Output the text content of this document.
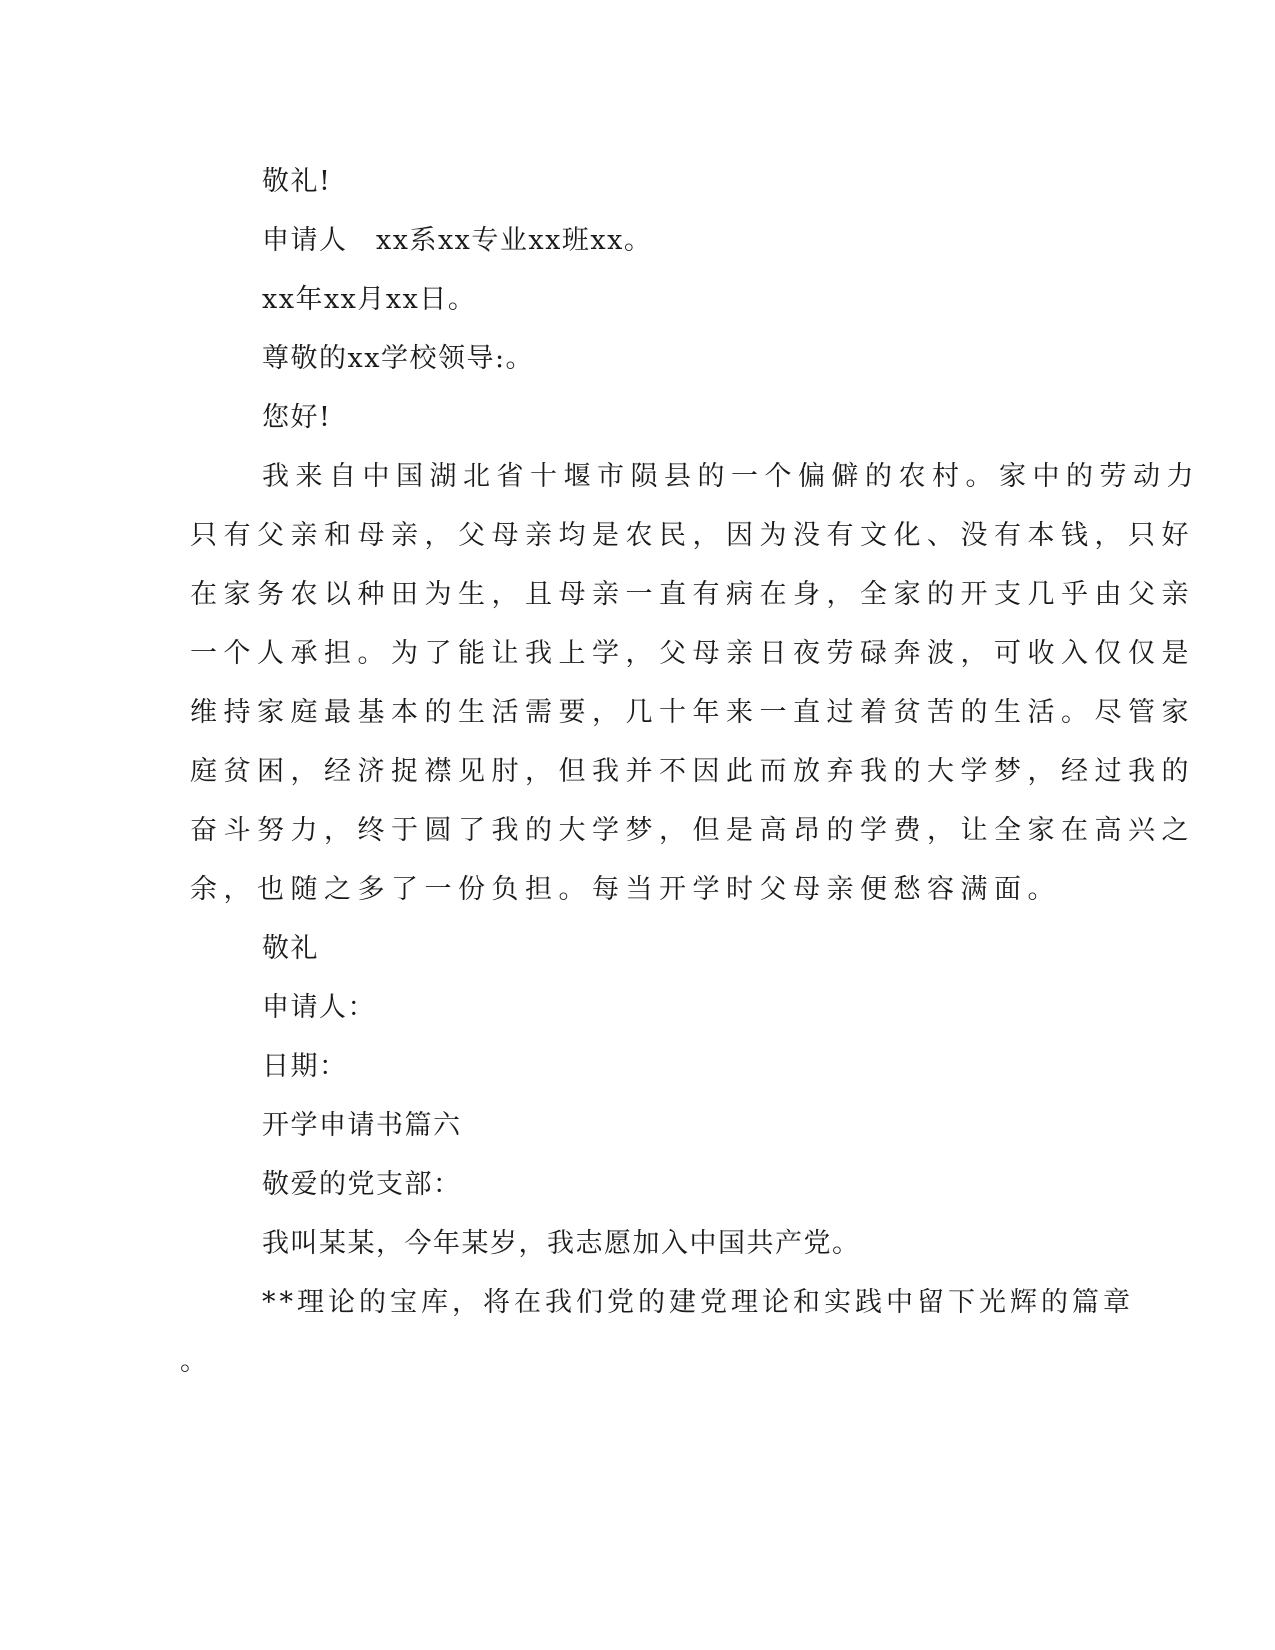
敬礼!
申请人　xx系xx专业xx班xx。
xx年xx月xx日。
尊敬的xx学校领导:。
您好!
我来自中国湖北省十堰市陨县的一个偏僻的农村。家中的劳动力
只有父亲和母亲，父母亲均是农民，因为没有文化、没有本钱，只好
在家务农以种田为生，且母亲一直有病在身，全家的开支几乎由父亲
一个人承担。为了能让我上学，父母亲日夜劳碌奔波，可收入仅仅是
维持家庭最基本的生活需要，几十年来一直过着贫苦的生活。尽管家
庭贫困，经济捉襟见肘，但我并不因此而放弃我的大学梦，经过我的
奋斗努力，终于圆了我的大学梦，但是高昂的学费，让全家在高兴之
余，也随之多了一份负担。每当开学时父母亲便愁容满面。
敬礼
申请人：
日期：
开学申请书篇六
敬爱的党支部：
我叫某某，今年某岁，我志愿加入中国共产党。
**理论的宝库，将在我们党的建党理论和实践中留下光辉的篇章
。
